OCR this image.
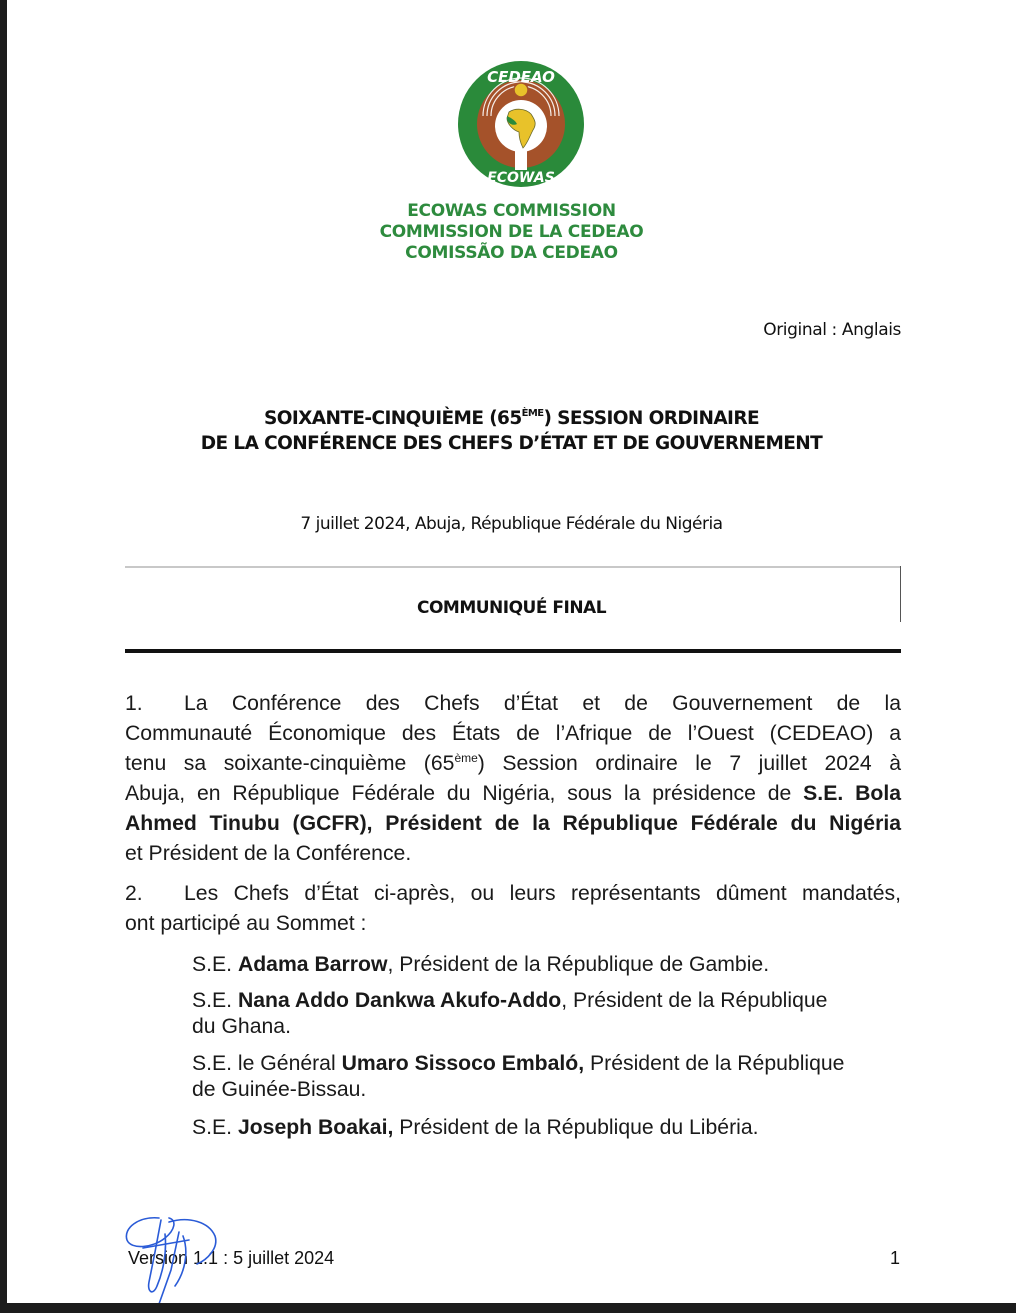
CEDEAO
ECOWAS
ECOWAS COMMISSION
COMMISSION DE LA CEDEAO
COMISSÃO DA CEDEAO
Original : Anglais
SOIXANTE-CINQUIÈME (65ÈME) SESSION ORDINAIRE
DE LA CONFÉRENCE DES CHEFS D’ÉTAT ET DE GOUVERNEMENT
7 juillet 2024, Abuja, République Fédérale du Nigéria
COMMUNIQUÉ FINAL
1. La Conférence des Chefs d’État et de Gouvernement de la
Communauté Économique des États de l’Afrique de l’Ouest (CEDEAO) a
tenu sa soixante-cinquième (65ème) Session ordinaire le 7 juillet 2024 à
Abuja, en République Fédérale du Nigéria, sous la présidence de S.E. Bola
Ahmed Tinubu (GCFR), Président de la République Fédérale du Nigéria
et Président de la Conférence.
2. Les Chefs d’État ci-après, ou leurs représentants dûment mandatés,
ont participé au Sommet :
S.E. Adama Barrow, Président de la République de Gambie.
S.E. Nana Addo Dankwa Akufo-Addo, Président de la République
du Ghana.
S.E. le Général Umaro Sissoco Embaló, Président de la République
de Guinée-Bissau.
S.E. Joseph Boakai, Président de la République du Libéria.
Version 1.1 : 5 juillet 2024	1
